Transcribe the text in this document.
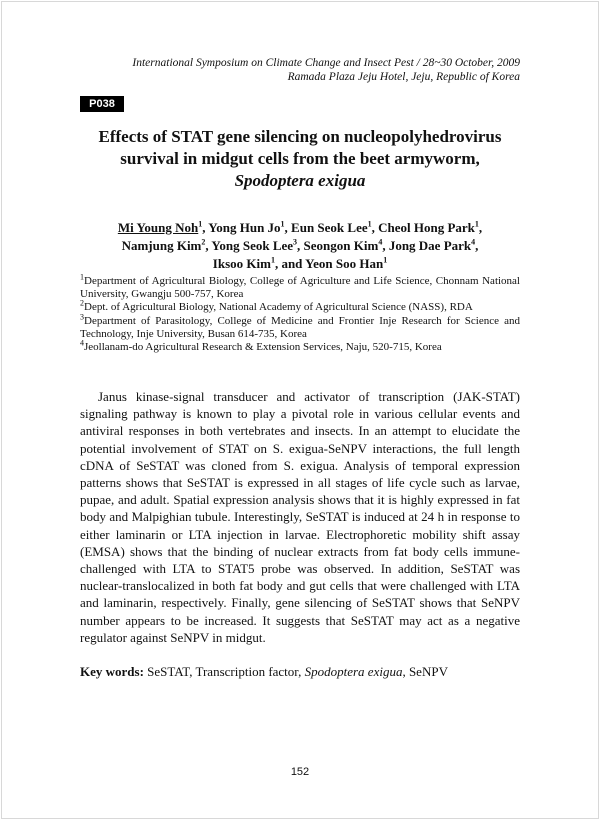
International Symposium on Climate Change and Insect Pest / 28~30 October, 2009
Ramada Plaza Jeju Hotel, Jeju, Republic of Korea
P038
Effects of STAT gene silencing on nucleopolyhedrovirus
survival in midgut cells from the beet armyworm,
Spodoptera exigua
Mi Young Noh$^1$, Yong Hun Jo$^1$, Eun Seok Lee$^1$, Cheol Hong Park$^1$,
Namjung Kim$^2$, Yong Seok Lee$^3$, Seongon Kim$^4$, Jong Dae Park$^4$,
Iksoo Kim$^1$, and Yeon Soo Han$^1$

$^1$Department of Agricultural Biology, College of Agriculture and Life Science, Chonnam National University, Gwangju 500-757, Korea

$^2$Dept. of Agricultural Biology, National Academy of Agricultural Science (NASS), RDA

$^3$Department of Parasitology, College of Medicine and Frontier Inje Research for Science and Technology, Inje University, Busan 614-735, Korea

$^4$Jeollanam-do Agricultural Research & Extension Services, Naju, 520-715, Korea

Janus kinase-signal transducer and activator of transcription (JAK-STAT) signaling pathway is known to play a pivotal role in various cellular events and antiviral responses in both vertebrates and insects. In an attempt to elucidate the potential involvement of STAT on S. exigua-SeNPV interactions, the full length cDNA of SeSTAT was cloned from S. exigua. Analysis of temporal expression patterns shows that SeSTAT is expressed in all stages of life cycle such as larvae, pupae, and adult. Spatial expression analysis shows that it is highly expressed in fat body and Malpighian tubule. Interestingly, SeSTAT is induced at 24 h in response to either laminarin or LTA injection in larvae. Electrophoretic mobility shift assay (EMSA) shows that the binding of nuclear extracts from fat body cells immune-challenged with LTA to STAT5 probe was observed. In addition, SeSTAT was nuclear-translocalized in both fat body and gut cells that were challenged with LTA and laminarin, respectively. Finally, gene silencing of SeSTAT shows that SeNPV number appears to be increased. It suggests that SeSTAT may act as a negative regulator against SeNPV in midgut.

Key words: SeSTAT, Transcription factor, Spodoptera exigua, SeNPV
152
